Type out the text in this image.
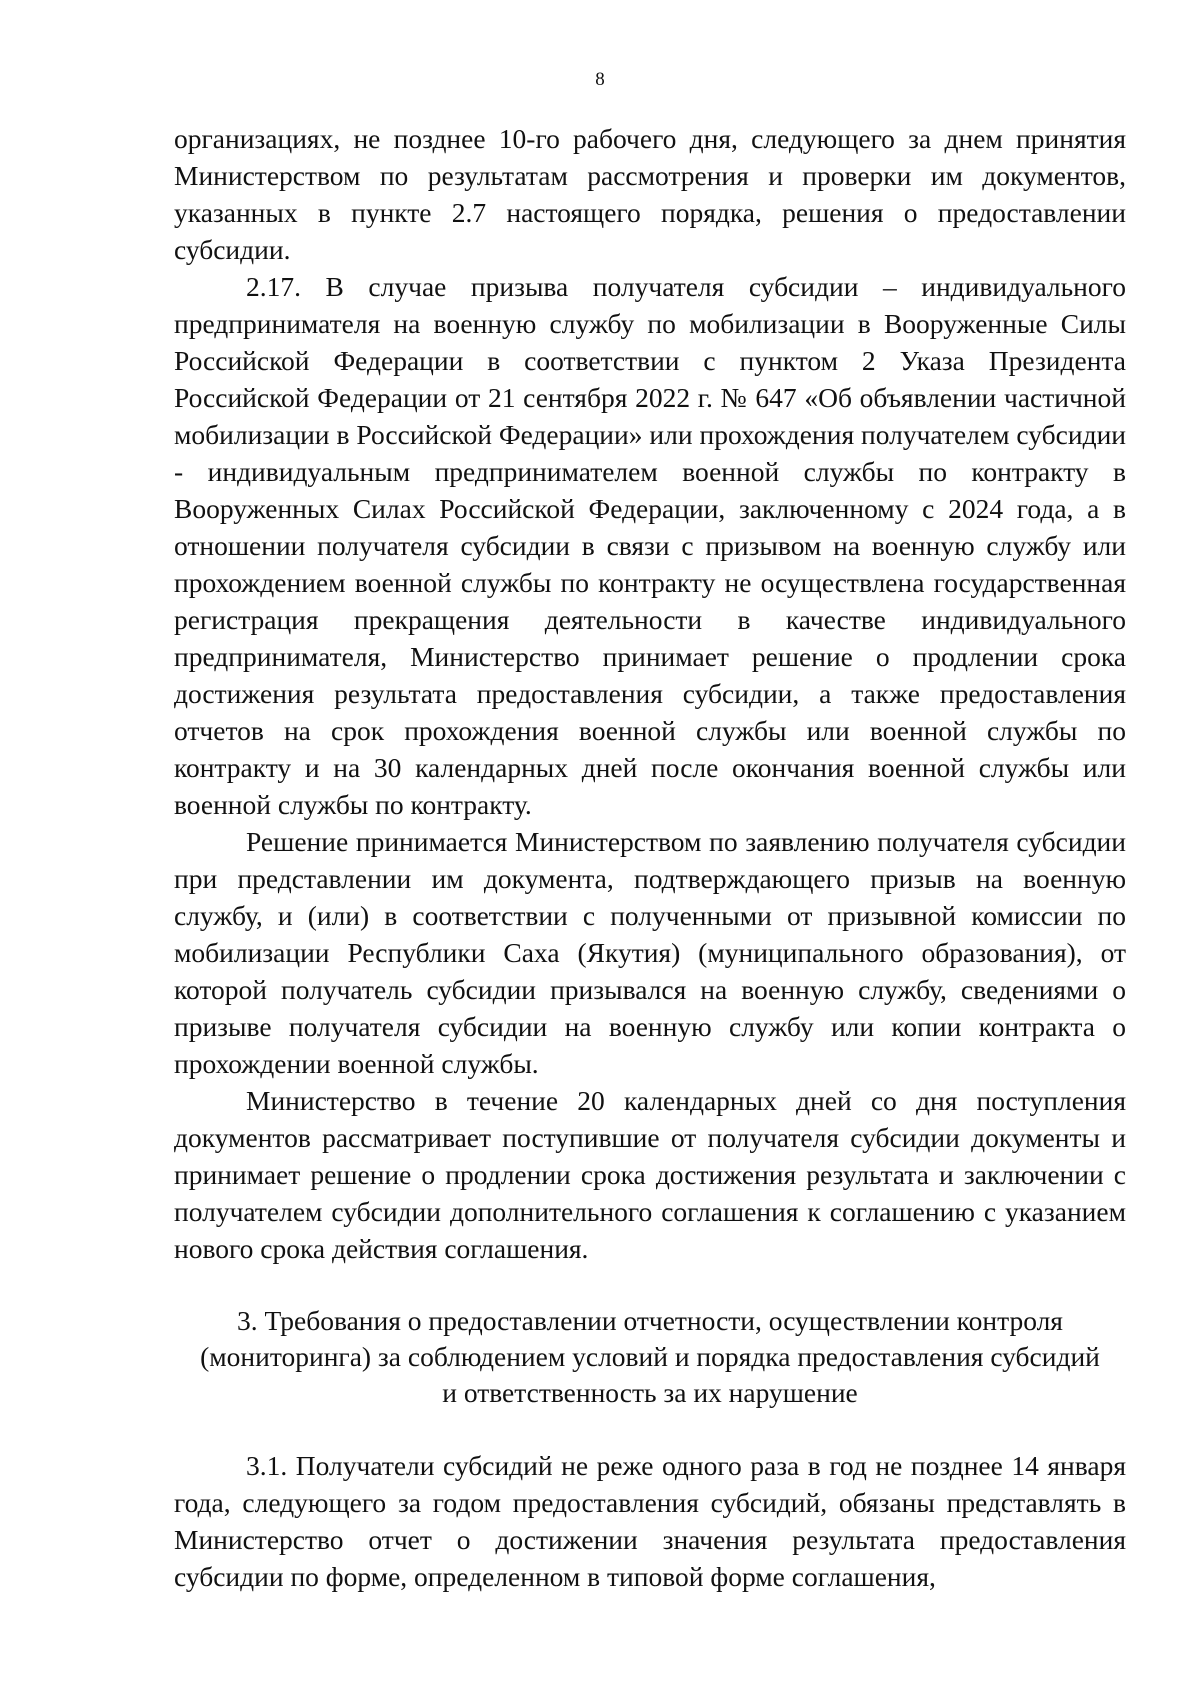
8

организациях, не позднее 10-го рабочего дня, следующего за днем принятия Министерством по результатам рассмотрения и проверки им документов, указанных в пункте 2.7 настоящего порядка, решения о предоставлении субсидии.

2.17. В случае призыва получателя субсидии – индивидуального предпринимателя на военную службу по мобилизации в Вооруженные Силы Российской Федерации в соответствии с пунктом 2 Указа Президента Российской Федерации от 21 сентября 2022 г. № 647 «Об объявлении частичной мобилизации в Российской Федерации» или прохождения получателем субсидии - индивидуальным предпринимателем военной службы по контракту в Вооруженных Силах Российской Федерации, заключенному с 2024 года, а в отношении получателя субсидии в связи с призывом на военную службу или прохождением военной службы по контракту не осуществлена государственная регистрация прекращения деятельности в качестве индивидуального предпринимателя, Министерство принимает решение о продлении срока достижения результата предоставления субсидии, а также предоставления отчетов на срок прохождения военной службы или военной службы по контракту и на 30 календарных дней после окончания военной службы или военной службы по контракту.

Решение принимается Министерством по заявлению получателя субсидии при представлении им документа, подтверждающего призыв на военную службу, и (или) в соответствии с полученными от призывной комиссии по мобилизации Республики Саха (Якутия) (муниципального образования), от которой получатель субсидии призывался на военную службу, сведениями о призыве получателя субсидии на военную службу или копии контракта о прохождении военной службы.

Министерство в течение 20 календарных дней со дня поступления документов рассматривает поступившие от получателя субсидии документы и принимает решение о продлении срока достижения результата и заключении с получателем субсидии дополнительного соглашения к соглашению с указанием нового срока действия соглашения.

3. Требования о предоставлении отчетности, осуществлении контроля
(мониторинга) за соблюдением условий и порядка предоставления субсидий
и ответственность за их нарушение

3.1. Получатели субсидий не реже одного раза в год не позднее 14 января года, следующего за годом предоставления субсидий, обязаны представлять в Министерство отчет о достижении значения результата предоставления субсидии по форме, определенном в типовой форме соглашения,
